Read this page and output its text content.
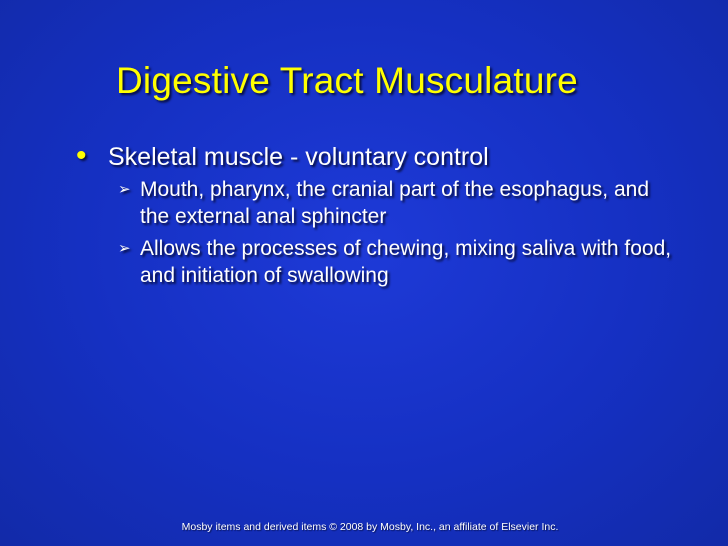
Digestive Tract Musculature
• Skeletal muscle - voluntary control
➢ Mouth, pharynx, the cranial part of the esophagus, and the external anal sphincter
➢ Allows the processes of chewing, mixing saliva with food, and initiation of swallowing
Mosby items and derived items © 2008 by Mosby, Inc., an affiliate of Elsevier Inc.
